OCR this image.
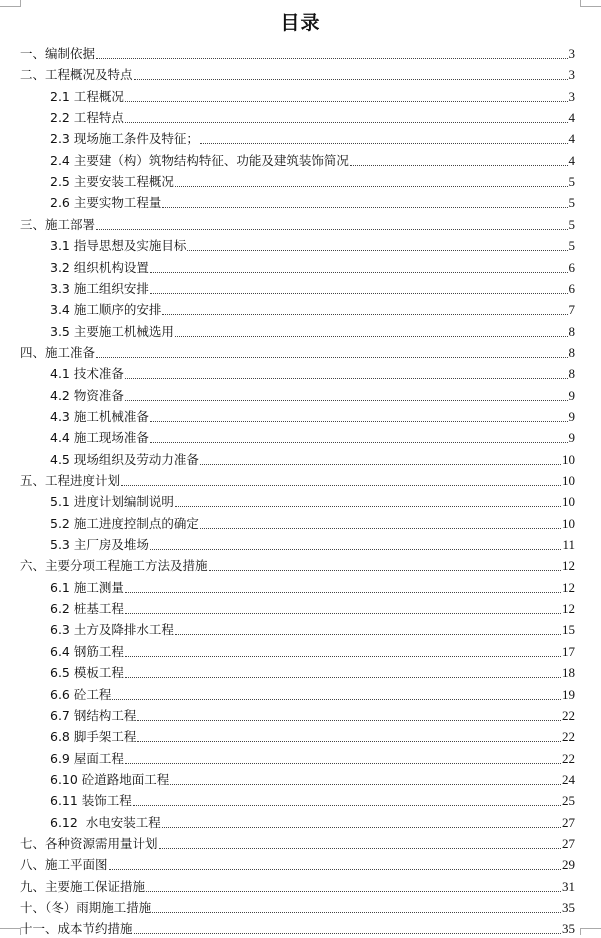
目录
一、编制依据	3
二、工程概况及特点	3
2.1 工程概况	3
2.2 工程特点	4
2.3 现场施工条件及特征；	4
2.4 主要建（构）筑物结构特征、功能及建筑装饰简况	4
2.5 主要安装工程概况	5
2.6 主要实物工程量	5
三、施工部署	5
3.1 指导思想及实施目标	5
3.2 组织机构设置	6
3.3 施工组织安排	6
3.4 施工顺序的安排	7
3.5 主要施工机械选用	8
四、施工准备	8
4.1 技术准备	8
4.2 物资准备	9
4.3 施工机械准备	9
4.4 施工现场准备	9
4.5 现场组织及劳动力准备	10
五、工程进度计划	10
5.1 进度计划编制说明	10
5.2 施工进度控制点的确定	10
5.3 主厂房及堆场	11
六、主要分项工程施工方法及措施	12
6.1 施工测量	12
6.2 桩基工程	12
6.3 土方及降排水工程	15
6.4 钢筋工程	17
6.5 模板工程	18
6.6 砼工程	19
6.7 钢结构工程	22
6.8 脚手架工程	22
6.9 屋面工程	22
6.10 砼道路地面工程	24
6.11 装饰工程	25
6.12  水电安装工程	27
七、各种资源需用量计划	27
八、施工平面图	29
九、主要施工保证措施	31
十、（冬）雨期施工措施	35
十一、成本节约措施	35
